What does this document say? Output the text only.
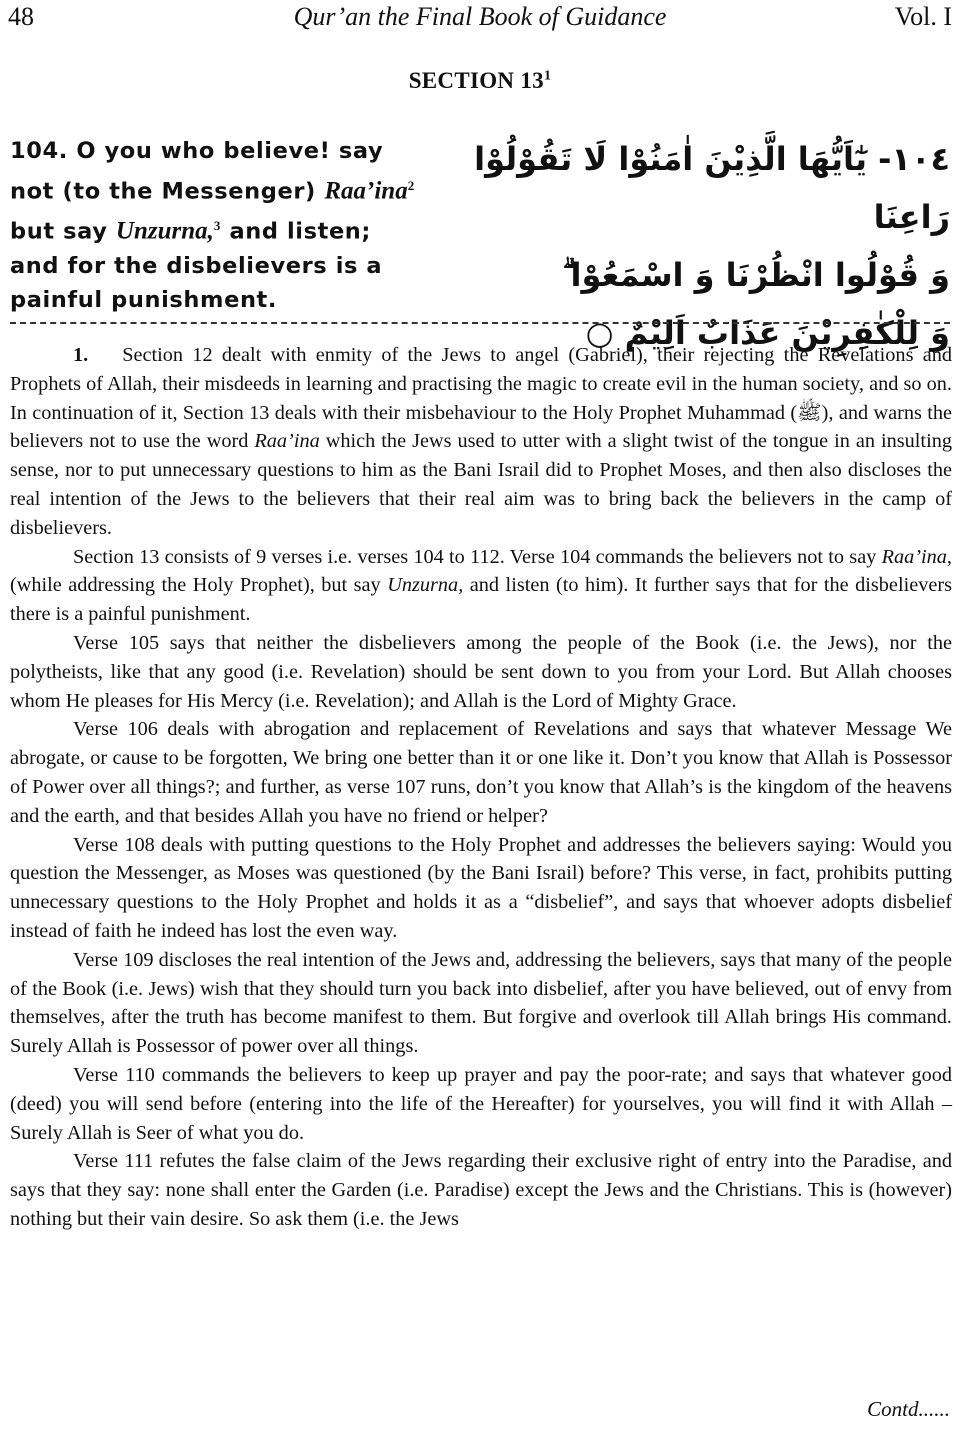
48	Qur’an the Final Book of Guidance	Vol. I
SECTION $13^1$
104. O you who believe! say not (to the Messenger) Raa’ina$^2$ but say Unzurna,$^3$ and listen; and for the disbelievers is a painful punishment.
١٠٤- يٰٓاَيُّهَا الَّذِيْنَ اٰمَنُوْا لَا تَقُوْلُوْا رَاعِنَا
وَ قُوْلُوا انْظُرْنَا وَ اسْمَعُوْا ۗ
وَ لِلْكٰفِرِيْنَ عَذَابٌ اَلِيْمٌ ○

1. Section 12 dealt with enmity of the Jews to angel (Gabriel), their rejecting the Revelations and Prophets of Allah, their misdeeds in learning and practising the magic to create evil in the human society, and so on. In continuation of it, Section 13 deals with their misbehaviour to the Holy Prophet Muhammad (ﷺ), and warns the believers not to use the word Raa’ina which the Jews used to utter with a slight twist of the tongue in an insulting sense, nor to put unnecessary questions to him as the Bani Israil did to Prophet Moses, and then also discloses the real intention of the Jews to the believers that their real aim was to bring back the believers in the camp of disbelievers.

Section 13 consists of 9 verses i.e. verses 104 to 112. Verse 104 commands the believers not to say Raa’ina, (while addressing the Holy Prophet), but say Unzurna, and listen (to him). It further says that for the disbelievers there is a painful punishment.

Verse 105 says that neither the disbelievers among the people of the Book (i.e. the Jews), nor the polytheists, like that any good (i.e. Revelation) should be sent down to you from your Lord. But Allah chooses whom He pleases for His Mercy (i.e. Revelation); and Allah is the Lord of Mighty Grace.

Verse 106 deals with abrogation and replacement of Revelations and says that whatever Message We abrogate, or cause to be forgotten, We bring one better than it or one like it. Don’t you know that Allah is Possessor of Power over all things?; and further, as verse 107 runs, don’t you know that Allah’s is the kingdom of the heavens and the earth, and that besides Allah you have no friend or helper?

Verse 108 deals with putting questions to the Holy Prophet and addresses the believers saying: Would you question the Messenger, as Moses was questioned (by the Bani Israil) before? This verse, in fact, prohibits putting unnecessary questions to the Holy Prophet and holds it as a “disbelief”, and says that whoever adopts disbelief instead of faith he indeed has lost the even way.

Verse 109 discloses the real intention of the Jews and, addressing the believers, says that many of the people of the Book (i.e. Jews) wish that they should turn you back into disbelief, after you have believed, out of envy from themselves, after the truth has become manifest to them. But forgive and overlook till Allah brings His command. Surely Allah is Possessor of power over all things.

Verse 110 commands the believers to keep up prayer and pay the poor-rate; and says that whatever good (deed) you will send before (entering into the life of the Hereafter) for yourselves, you will find it with Allah – Surely Allah is Seer of what you do.

Verse 111 refutes the false claim of the Jews regarding their exclusive right of entry into the Paradise, and says that they say: none shall enter the Garden (i.e. Paradise) except the Jews and the Christians. This is (however) nothing but their vain desire. So ask them (i.e. the Jews

Contd......
